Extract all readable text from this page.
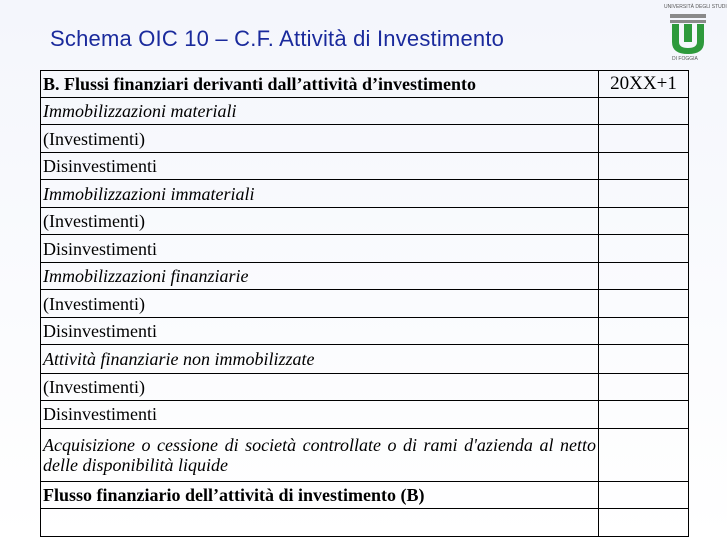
Schema OIC 10 – C.F. Attività di Investimento
UNIVERSITÀ DEGLI STUDI
DI FOGGIA
B. Flussi finanziari derivanti dall’attività d’investimento	20XX+1
Immobilizzazioni materiali	
(Investimenti)	
Disinvestimenti	
Immobilizzazioni immateriali	
(Investimenti)	
Disinvestimenti	
Immobilizzazioni finanziarie	
(Investimenti)	
Disinvestimenti	
Attività finanziarie non immobilizzate	
(Investimenti)	
Disinvestimenti	
Acquisizione o cessione di società controllate o di rami d'azienda al netto delle disponibilità liquide	
Flusso finanziario dell’attività di investimento (B)	
